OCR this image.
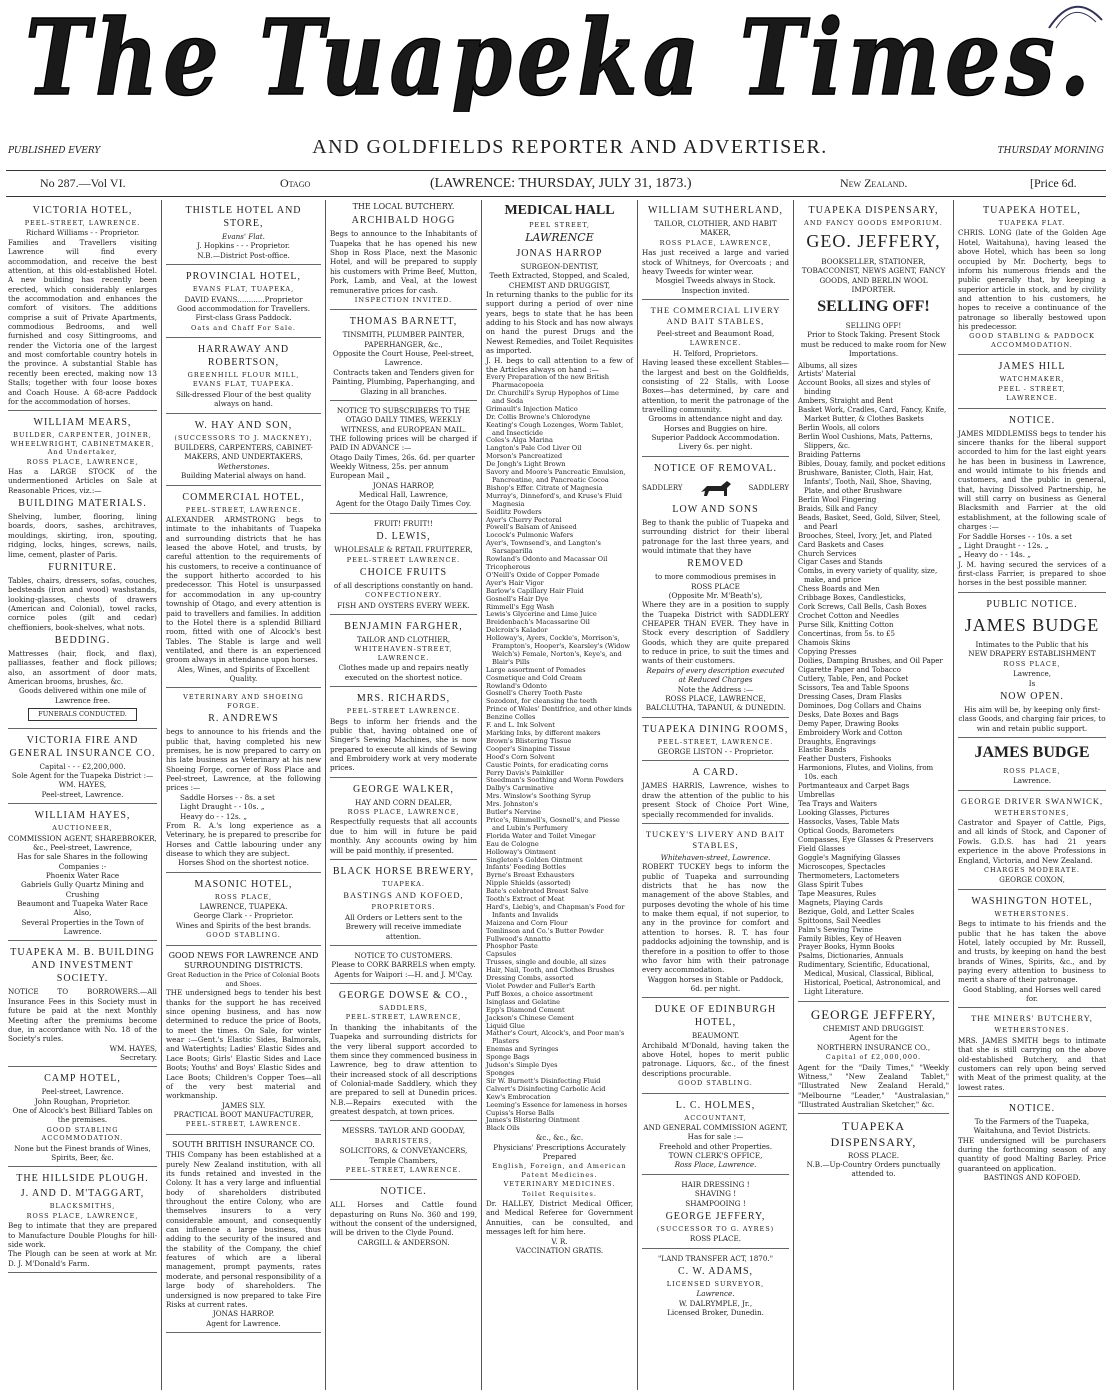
The Tuapeka Times.
PUBLISHED EVERY	AND GOLDFIELDS REPORTER AND ADVERTISER.	THURSDAY MORNING
No 287.—Vol VI.	Otago	(LAWRENCE: THURSDAY, JULY 31, 1873.)	New Zealand.	[Price 6d.
VICTORIA HOTEL,
PEEL-STREET, LAWRENCE.
Richard Williams - - Proprietor.
Families and Travellers visiting Lawrence will find every accommodation, and receive the best attention, at this old-established Hotel. A new building has recently been erected, which considerably enlarges the accommodation and enhances the comfort of visitors. The additions comprise a suit of Private Apartments, commodious Bedrooms, and well furnished and cosy Sittingrooms, and render the Victoria one of the largest and most comfortable country hotels in the province. A substantial Stable has recently been erected, making now 13 Stalls; together with four loose boxes and Coach House. A 68-acre Paddock for the accommodation of horses.
WILLIAM MEARS,
BUILDER, CARPENTER, JOINER, WHEELWRIGHT, CABINETMAKER, And Undertaker,
ROSS PLACE, LAWRENCE,
Has a LARGE STOCK of the undermentioned Articles on Sale at Reasonable Prices, viz.:—
BUILDING MATERIALS.
Shelving, lumber, flooring, lining boards, doors, sashes, architraves, mouldings, skirting, iron, spouting, ridging, locks, hinges, screws, nails, lime, cement, plaster of Paris.
FURNITURE.
Tables, chairs, dressers, sofas, couches, bedsteads (iron and wood) washstands, looking-glasses, chests of drawers (American and Colonial), towel racks, cornice poles (gilt and cedar) cheffioniers, book-shelves, what nots.
BEDDING.
Mattresses (hair, flock, and flax), palliasses, feather and flock pillows; also, an assortment of door mats, American brooms, brushes, &c.
Goods delivered within one mile of Lawrence free.
FUNERALS CONDUCTED.
VICTORIA FIRE AND GENERAL INSURANCE CO.
Capital - - - £2,200,000.
Sole Agent for the Tuapeka District :—
WM. HAYES,
Peel-street, Lawrence.
WILLIAM HAYES,
AUCTIONEER,
COMMISSION AGENT, SHAREBROKER, &c., Peel-street, Lawrence,
Has for sale Shares in the following Companies :-
Phoenix Water Race
Gabriels Gully Quartz Mining and Crushing
Beaumont and Tuapeka Water Race
Also,
Several Properties in the Town of Lawrence.
TUAPEKA M. B. BUILDING AND INVESTMENT SOCIETY.
NOTICE TO BORROWERS.—All Insurance Fees in this Society must in future be paid at the next Monthly Meeting after the premiums become due, in accordance with No. 18 of the Society's rules.
WM. HAYES,
Secretary.
CAMP HOTEL,
Peel-street, Lawrence.
John Roughan, Proprietor.
One of Alcock's best Billiard Tables on the premises.
GOOD STABLING ACCOMMODATION.
None but the Finest brands of Wines, Spirits, Beer, &c.
THE HILLSIDE PLOUGH.
J. AND D. M'TAGGART,
BLACKSMITHS,
ROSS PLACE, LAWRENCE,
Beg to intimate that they are prepared to Manufacture Double Ploughs for hill-side work.
The Plough can be seen at work at Mr. D. J. M'Donald's Farm.
THISTLE HOTEL AND STORE,
Evans' Flat.
J. Hopkins - - - Proprietor.
N.B.—District Post-office.
PROVINCIAL HOTEL,
EVANS FLAT, TUAPEKA,
DAVID EVANS............Proprietor
Good accommodation for Travellers. First-class Grass Paddock.
Oats and Chaff For Sale.
HARRAWAY AND ROBERTSON,
GREENHILL FLOUR MILL,
EVANS FLAT, TUAPEKA.
Silk-dressed Flour of the best quality always on hand.
W. HAY AND SON,
(SUCCESSORS TO J. MACKNEY),
BUILDERS, CARPENTERS, CABINET-MAKERS, AND UNDERTAKERS,
Wetherstones.
Building Material always on hand.
COMMERCIAL HOTEL,
PEEL-STREET, LAWRENCE.
ALEXANDER ARMSTRONG begs to intimate to the inhabitants of Tuapeka and surrounding districts that he has leased the above Hotel, and trusts, by careful attention to the requirements of his customers, to receive a continuance of the support hitherto accorded to his predecessor. This Hotel is unsurpassed for accommodation in any up-country township of Otago, and every attention is paid to travellers and families. In addition to the Hotel there is a splendid Billiard room, fitted with one of Alcock's best Tables. The Stable is large and well ventilated, and there is an experienced groom always in attendance upon horses.
Ales, Wines, and Spirits of Excellent Quality.
VETERINARY AND SHOEING FORGE.
R. ANDREWS
begs to announce to his friends and the public that, having completed his new premises, he is now prepared to carry on his late business as Veterinary at his new Shoeing Forge, corner of Ross Place and Peel-street, Lawrence, at the following prices :—
Saddle Horses - - 8s. a set
Light Draught - - 10s. „
Heavy do - - 12s. „
From R. A.'s long experience as a Veterinary, he is prepared to prescribe for Horses and Cattle labouring under any disease to which they are subject.
Horses Shod on the shortest notice.
MASONIC HOTEL,
ROSS PLACE,
LAWRENCE, TUAPEKA.
George Clark - - Proprietor.
Wines and Spirits of the best brands.
GOOD STABLING.
GOOD NEWS FOR LAWRENCE AND SURROUNDING DISTRICTS.
Great Reduction in the Price of Colonial Boots and Shoes.
THE undersigned begs to tender his best thanks for the support he has received since opening business, and has now determined to reduce the price of Boots, to meet the times. On Sale, for winter wear :—Gent.'s Elastic Sides, Balmorals, and Watertights; Ladies' Elastic Sides and Lace Boots; Girls' Elastic Sides and Lace Boots; Youths' and Boys' Elastic Sides and Lace Boots; Children's Copper Toes—all of the very best material and workmanship.
JAMES SLY.
PRACTICAL BOOT MANUFACTURER,
PEEL-STREET, LAWRENCE.
SOUTH BRITISH INSURANCE CO.
THIS Company has been established at a purely New Zealand institution, with all its funds retained and invested in the Colony. It has a very large and influential body of shareholders distributed throughout the entire Colony, who are themselves insurers to a very considerable amount, and consequently can influence a large business, thus adding to the security of the insured and the stability of the Company, the chief features of which are a liberal management, prompt payments, rates moderate, and personal responsibility of a large body of shareholders. The undersigned is now prepared to take Fire Risks at current rates.
JONAS HARROP.
Agent for Lawrence.
THE LOCAL BUTCHERY.
ARCHIBALD HOGG
Begs to announce to the Inhabitants of Tuapeka that he has opened his new Shop in Ross Place, next the Masonic Hotel, and will be prepared to supply his customers with Prime Beef, Mutton, Pork, Lamb, and Veal, at the lowest remunerative prices for cash.
INSPECTION INVITED.
THOMAS BARNETT,
TINSMITH, PLUMBER PAINTER, PAPERHANGER, &c.,
Opposite the Court House, Peel-street, Lawrence.
Contracts taken and Tenders given for Painting, Plumbing, Paperhanging, and Glazing in all branches.
NOTICE TO SUBSCRIBERS TO THE OTAGO DAILY TIMES, WEEKLY WITNESS, and EUROPEAN MAIL.
THE following prices will be charged if PAID IN ADVANCE :—
Otago Daily Times, 26s. 6d. per quarter
Weekly Witness, 25s. per annum
European Mail „
JONAS HARROP,
Medical Hall, Lawrence,
Agent for the Otago Daily Times Coy.
FRUIT! FRUIT!!
D. LEWIS,
WHOLESALE & RETAIL FRUITERER,
PEEL-STREET LAWRENCE.
CHOICE FRUITS
of all descriptions constantly on hand.
CONFECTIONERY.
FISH AND OYSTERS EVERY WEEK.
BENJAMIN FARGHER,
TAILOR AND CLOTHIER,
WHITEHAVEN-STREET, LAWRENCE.
Clothes made up and repairs neatly executed on the shortest notice.
MRS. RICHARDS,
PEEL-STREET LAWRENCE.
Begs to inform her friends and the public that, having obtained one of Singer's Sewing Machines, she is now prepared to execute all kinds of Sewing and Embroidery work at very moderate prices.
GEORGE WALKER,
HAY AND CORN DEALER,
ROSS PLACE, LAWRENCE,
Respectfully requests that all accounts due to him will in future be paid monthly. Any accounts owing by him will be paid monthly, if presented.
BLACK HORSE BREWERY,
TUAPEKA.
BASTINGS AND KOFOED,
PROPRIETORS.
All Orders or Letters sent to the Brewery will receive immediate attention.
NOTICE TO CUSTOMERS.
Please to CORK BARRELS when empty.
Agents for Waipori :—H. and J. M'Cay.
GEORGE DOWSE & CO.,
SADDLERS,
PEEL-STREET, LAWRENCE,
In thanking the inhabitants of the Tuapeka and surrounding districts for the very liberal support accorded to them since they commenced business in Lawrence, beg to draw attention to their increased stock of all descriptions of Colonial-made Saddlery, which they are prepared to sell at Dunedin prices. N.B.—Repairs executed with the greatest despatch, at town prices.
MESSRS. TAYLOR AND GOODAY,
BARRISTERS,
SOLICITORS, & CONVEYANCERS,
Temple Chambers,
PEEL-STREET, LAWRENCE.
NOTICE.
ALL Horses and Cattle found depasturing on Runs No. 360 and 199, without the consent of the undersigned, will be driven to the Clyde Pound.
CARGILL & ANDERSON.
MEDICAL HALL
PEEL STREET,
LAWRENCE
JONAS HARROP
SURGEON-DENTIST,
Teeth Extracted, Stopped, and Scaled,
CHEMIST AND DRUGGIST,
In returning thanks to the public for its support during a period of over nine years, begs to state that he has been adding to his Stock and has now always on hand the purest Drugs and the Newest Remedies, and Toilet Requisites as imported.
J. H. begs to call attention to a few of the Articles always on hand :—
Every Preparation of the new British Pharmacopoeia
Dr. Churchill's Syrup Hypophos of Lime and Soda
Grimault's Injection Matico
Dr. Collis Browne's Chlorodyne
Keating's Cough Lozenges, Worm Tablet, and Insecticide
Coles's Alga Marina
Langton's Pale Cod Liver Oil
Morson's Pancreatized
De Jongh's Light Brown
Savory and Moore's Pancreatic Emulsion, Pancreatine, and Pancreatic Cocoa
Bishop's Effer. Citrate of Magnesia
Murray's, Dinneford's, and Kruse's Fluid Magnesia
Seidlitz Powders
Ayer's Cherry Pectoral
Powell's Balsam of Aniseed
Locock's Pulmonic Wafers
Ayer's, Townsend's, and Langton's Sarsaparilla
Rowland's Odonto and Macassar Oil
Tricopherous
O'Neill's Oxide of Copper Pomade
Ayer's Hair Vigor
Barlow's Capillary Hair Fluid
Gosnell's Hair Dye
Rimmell's Egg Wash
Lewis's Glycerine and Lime Juice
Breidenbach's Macassarine Oil
Delcroix's Kalador
Holloway's, Ayers, Cockle's, Morrison's, Frampton's, Hooper's, Kearsley's (Widow Welch's) Female, Norton's, Keye's, and Blair's Pills
Large assortment of Pomades
Cosmetique and Cold Cream
Rowland's Odonto
Gosnell's Cherry Tooth Paste
Sozodont, for cleansing the teeth
Prince of Wales' Dentifrice, and other kinds
Benzine Colles
F. and L. Ink Solvent
Marking Inks, by different makers
Brown's Blistering Tissue
Cooper's Sinapine Tissue
Hood's Corn Solvent
Caustic Points, for eradicating corns
Perry Davis's Painkiller
Steedman's Soothing and Worm Powders
Dalby's Carminative
Mrs. Winslow's Soothing Syrup
Mrs. Johnston's
Butler's Nervine
Price's, Rimmell's, Gosnell's, and Piesse and Lubin's Perfumery
Florida Water and Toilet Vinegar
Eau de Cologne
Holloway's Ointment
Singleton's Golden Ointment
Infants' Feeding Bottles
Byrne's Breast Exhausters
Nipple Shields (assorted)
Bate's celebrated Breast Salve
Tooth's Extract of Meat
Hard's, Liebig's, and Chapman's Food for Infants and Invalids
Maizena and Corn Flour
Tomlinson and Co.'s Butter Powder
Fullwood's Annatto
Phosphor Paste
Capsules
Trusses, single and double, all sizes
Hair, Nail, Tooth, and Clothes Brushes
Dressing Combs, assorted
Violet Powder and Fuller's Earth
Puff Boxes, a choice assortment
Isinglass and Gelatine
Epp's Diamond Cement
Jackson's Chinese Cement
Liquid Glue
Mather's Court, Alcock's, and Poor man's Plasters
Enemas and Syringes
Sponge Bags
Judson's Simple Dyes
Sponges
Sir W. Burnett's Disinfecting Fluid
Calvert's Disinfecting Carbolic Acid
Kew's Embrocation
Leeming's Essence for lameness in horses
Cupiss's Horse Balls
James's Blistering Ointment
Black Oils
&c., &c., &c.
Physicians' Prescriptions Accurately Prepared
English, Foreign, and American Patent Medicines.
VETERINARY MEDICINES.
Toilet Requisites.
Dr. HALLEY, District Medical Officer, and Medical Referee for Government Annuities, can be consulted, and messages left for him here.
V. R.
VACCINATION GRATIS.
WILLIAM SUTHERLAND,
TAILOR, CLOTHIER, AND HABIT MAKER,
ROSS PLACE, LAWRENCE,
Has just received a large and varied stock of Whitneys, for Overcoats ; and heavy Tweeds for winter wear.
Mosgiel Tweeds always in Stock.
Inspection invited.
THE COMMERCIAL LIVERY AND BAIT STABLES,
Peel-street and Beaumont Road,
LAWRENCE.
H. Telford, Proprietors.
Having leased these excellent Stables—the largest and best on the Goldfields, consisting of 22 Stalls, with Loose Boxes—has determined, by care and attention, to merit the patronage of the travelling community.
Grooms in attendance night and day.
Horses and Buggies on hire.
Superior Paddock Accommodation.
Livery 6s. per night.
NOTICE OF REMOVAL.
SADDLERY	SADDLERY
LOW AND SONS
Beg to thank the public of Tuapeka and surrounding district for their liberal patronage for the last three years, and would intimate that they have
REMOVED
to more commodious premises in
ROSS PLACE
(Opposite Mr. M'Beath's),
Where they are in a position to supply the Tuapeka District with SADDLERY CHEAPER THAN EVER. They have in Stock every description of Saddlery Goods, which they are quite prepared to reduce in price, to suit the times and wants of their customers.
Repairs of every description executed at Reduced Charges
Note the Address :—
ROSS PLACE, LAWRENCE,
BALCLUTHA, TAPANUI, & DUNEDIN.
TUAPEKA DINING ROOMS,
PEEL-STREET, LAWRENCE.
GEORGE LISTON - - Proprietor.
A CARD.
JAMES HARRIS, Lawrence, wishes to draw the attention of the public to his present Stock of Choice Port Wine, specially recommended for invalids.
TUCKEY'S LIVERY AND BAIT STABLES,
Whitehaven-street, Lawrence.
ROBERT TUCKEY begs to inform the public of Tuapeka and surrounding districts that he has now the management of the above Stables, and purposes devoting the whole of his time to make them equal, if not superior, to any in the province for comfort and attention to horses. R. T. has four paddocks adjoining the township, and is therefore in a position to offer to those who favor him with their patronage every accommodation.
Waggon horses in Stable or Paddock, 6d. per night.
DUKE OF EDINBURGH HOTEL,
BEAUMONT.
Archibald M'Donald, having taken the above Hotel, hopes to merit public patronage. Liquors, &c., of the finest descriptions procurable.
GOOD STABLING.
L. C. HOLMES,
ACCOUNTANT,
AND GENERAL COMMISSION AGENT,
Has for sale :—
Freehold and other Properties.
TOWN CLERK'S OFFICE,
Ross Place, Lawrence.
HAIR DRESSING !
SHAVING !
SHAMPOOING !
GEORGE JEFFERY,
(SUCCESSOR TO G. AYRES)
ROSS PLACE.
"LAND TRANSFER ACT, 1870."
C. W. ADAMS,
LICENSED SURVEYOR,
Lawrence.
W. DALRYMPLE, Jr.,
Licensed Broker, Dunedin.
TUAPEKA DISPENSARY,
AND FANCY GOODS EMPORIUM.
GEO. JEFFERY,
BOOKSELLER, STATIONER, TOBACCONIST, NEWS AGENT, FANCY GOODS, AND BERLIN WOOL IMPORTER.
SELLING OFF!
SELLING OFF!
Prior to Stock Taking. Present Stock must be reduced to make room for New Importations.
Albums, all sizes
Artists' Material
Account Books, all sizes and styles of binding
Ambers, Straight and Bent
Basket Work, Cradles, Card, Fancy, Knife, Market Butter, & Clothes Baskets
Berlin Wools, all colors
Berlin Wool Cushions, Mats, Patterns, Slippers, &c.
Braiding Patterns
Bibles, Douay, family, and pocket editions
Brushware, Banister, Cloth, Hair, Hat, Infants', Tooth, Nail, Shoe, Shaving, Plate, and other Brushware
Berlin Wool Fingering
Braids, Silk and Fancy
Beads, Basket, Seed, Gold, Silver, Steel, and Pearl
Brooches, Steel, Ivory, Jet, and Plated
Card Baskets and Cases
Church Services
Cigar Cases and Stands
Combs, in every variety of quality, size, make, and price
Chess Boards and Men
Cribbage Boxes, Candlesticks,
Cork Screws, Call Bells, Cash Boxes
Crochet Cotton and Needles
Purse Silk, Knitting Cotton
Concertinas, from 5s. to £5
Chamois Skins
Copying Presses
Doilies, Damping Brushes, and Oil Paper
Cigarette Paper and Tobacco
Cutlery, Table, Pen, and Pocket
Scissors, Tea and Table Spoons
Dressing Cases, Dram Flasks
Dominoes, Dog Collars and Chains
Desks, Date Boxes and Bags
Demy Paper, Drawing Books
Embroidery Work and Cotton
Draughts, Engravings
Elastic Bands
Feather Dusters, Fishooks
Harmonions, Flutes, and Violins, from 10s. each
Portmanteaux and Carpet Bags
Umbrellas
Tea Trays and Waiters
Looking Glasses, Pictures
Hassocks, Vases, Table Mats
Optical Goods, Barometers
Compasses, Eye Glasses & Preservers
Field Glasses
Goggle's Magnifying Glasses
Microscopes, Spectacles
Thermometers, Lactometers
Glass Spirit Tubes
Tape Measures, Rules
Magnets, Playing Cards
Bezique, Gold, and Letter Scales
Spittoons, Sail Needles
Palm's Sewing Twine
Family Bibles, Key of Heaven
Prayer Books, Hymn Books
Psalms, Dictionaries, Annuals
Rudimentary, Scientific, Educational, Medical, Musical, Classical, Biblical, Historical, Poetical, Astronomical, and Light Literature.
GEORGE JEFFERY,
CHEMIST AND DRUGGIST.
Agent for the
NORTHERN INSURANCE CO.,
Capital of £2,000,000.
Agent for the "Daily Times," "Weekly Witness," "New Zealand Tablet," "Illustrated New Zealand Herald," "Melbourne "Leader," "Australasian," "Illustrated Australian Sketcher," &c.
TUAPEKA DISPENSARY,
ROSS PLACE.
N.B.—Up-Country Orders punctually attended to.
TUAPEKA HOTEL,
TUAPEKA FLAT.
CHRIS. LONG (late of the Golden Age Hotel, Waitahuna), having leased the above Hotel, which has been so long occupied by Mr. Docherty, begs to inform his numerous friends and the public generally that, by keeping a superior article in stock, and by civility and attention to his customers, he hopes to receive a continuance of the patronage so liberally bestowed upon his predecessor.
GOOD STABLING & PADDOCK ACCOMMODATION.
JAMES HILL
WATCHMAKER,
PEEL - STREET,
LAWRENCE.
NOTICE.
JAMES MIDDLEMISS begs to tender his sincere thanks for the liberal support accorded to him for the last eight years he has been in business in Lawrence, and would intimate to his friends and customers, and the public in general, that, having Dissolved Partnership, he will still carry on business as General Blacksmith and Farrier at the old establishment, at the following scale of charges :—
For Saddle Horses - - 10s. a set
„ Light Draught - - 12s. „
„ Heavy do - - 14s. „
J. M. having secured the services of a first-class Farrier, is prepared to shoe horses in the best possible manner.
PUBLIC NOTICE.
JAMES BUDGE
Intimates to the Public that his
NEW DRAPERY ESTABLISHMENT
ROSS PLACE,
Lawrence,
Is
NOW OPEN.
His aim will be, by keeping only first-class Goods, and charging fair prices, to win and retain public support.
JAMES BUDGE
ROSS PLACE,
Lawrence.
GEORGE DRIVER SWANWICK,
WETHERSTONES,
Castrator and Spayer of Cattle, Pigs, and all kinds of Stock, and Caponer of Fowls. G.D.S. has had 21 years experience in the above Professions in England, Victoria, and New Zealand.
CHARGES MODERATE.
GEORGE COXON,
WASHINGTON HOTEL,
WETHERSTONES.
Begs to intimate to his friends and the public that he has taken the above Hotel, lately occupied by Mr. Russell, and trusts, by keeping on hand the best brands of Wines, Spirits, &c., and by paying every attention to business to merit a share of their patronage.
Good Stabling, and Horses well cared for.
THE MINERS' BUTCHERY,
WETHERSTONES.
MRS. JAMES SMITH begs to intimate that she is still carrying on the above old-established Butchery, and that customers can rely upon being served with Meat of the primest quality, at the lowest rates.
NOTICE.
To the Farmers of the Tuapeka, Waitahuna, and Teviot Districts.
THE undersigned will be purchasers during the forthcoming season of any quantity of good Malting Barley. Price guaranteed on application.
BASTINGS AND KOFOED.
